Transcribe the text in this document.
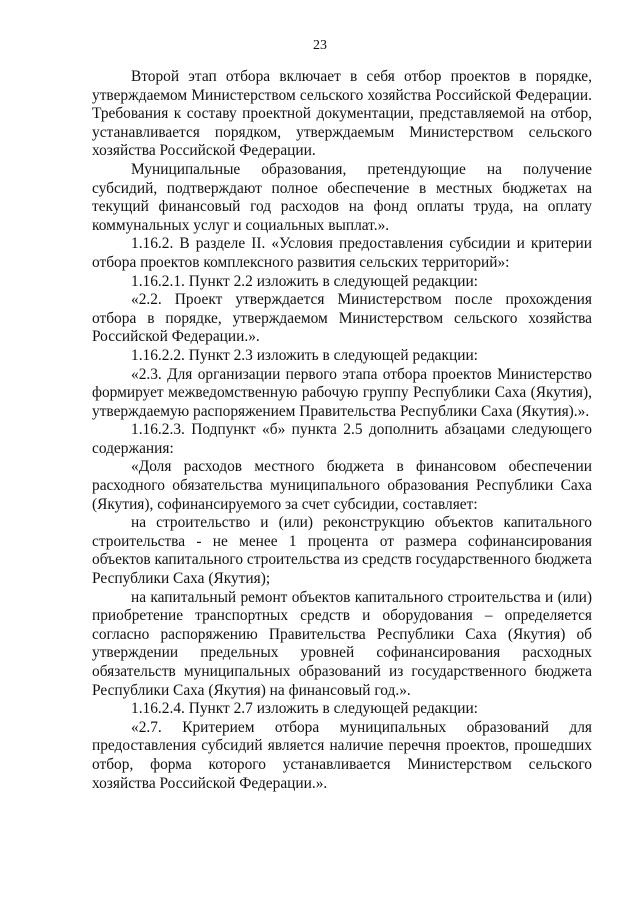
23

Второй этап отбора включает в себя отбор проектов в порядке, утверждаемом Министерством сельского хозяйства Российской Федерации. Требования к составу проектной документации, представляемой на отбор, устанавливается порядком, утверждаемым Министерством сельского хозяйства Российской Федерации.

Муниципальные образования, претендующие на получение субсидий, подтверждают полное обеспечение в местных бюджетах на текущий финансовый год расходов на фонд оплаты труда, на оплату коммунальных услуг и социальных выплат.».

1.16.2. В разделе II. «Условия предоставления субсидии и критерии отбора проектов комплексного развития сельских территорий»:

1.16.2.1. Пункт 2.2 изложить в следующей редакции:

«2.2. Проект утверждается Министерством после прохождения отбора в порядке, утверждаемом Министерством сельского хозяйства Российской Федерации.».

1.16.2.2. Пункт 2.3 изложить в следующей редакции:

«2.3. Для организации первого этапа отбора проектов Министерство формирует межведомственную рабочую группу Республики Саха (Якутия), утверждаемую распоряжением Правительства Республики Саха (Якутия).».

1.16.2.3. Подпункт «б» пункта 2.5 дополнить абзацами следующего содержания:

«Доля расходов местного бюджета в финансовом обеспечении расходного обязательства муниципального образования Республики Саха (Якутия), софинансируемого за счет субсидии, составляет:

на строительство и (или) реконструкцию объектов капитального строительства - не менее 1 процента от размера софинансирования объектов капитального строительства из средств государственного бюджета Республики Саха (Якутия);

на капитальный ремонт объектов капитального строительства и (или) приобретение транспортных средств и оборудования – определяется согласно распоряжению Правительства Республики Саха (Якутия) об утверждении предельных уровней софинансирования расходных обязательств муниципальных образований из государственного бюджета Республики Саха (Якутия) на финансовый год.».

1.16.2.4. Пункт 2.7 изложить в следующей редакции:

«2.7. Критерием отбора муниципальных образований для предоставления субсидий является наличие перечня проектов, прошедших отбор, форма которого устанавливается Министерством сельского хозяйства Российской Федерации.».
